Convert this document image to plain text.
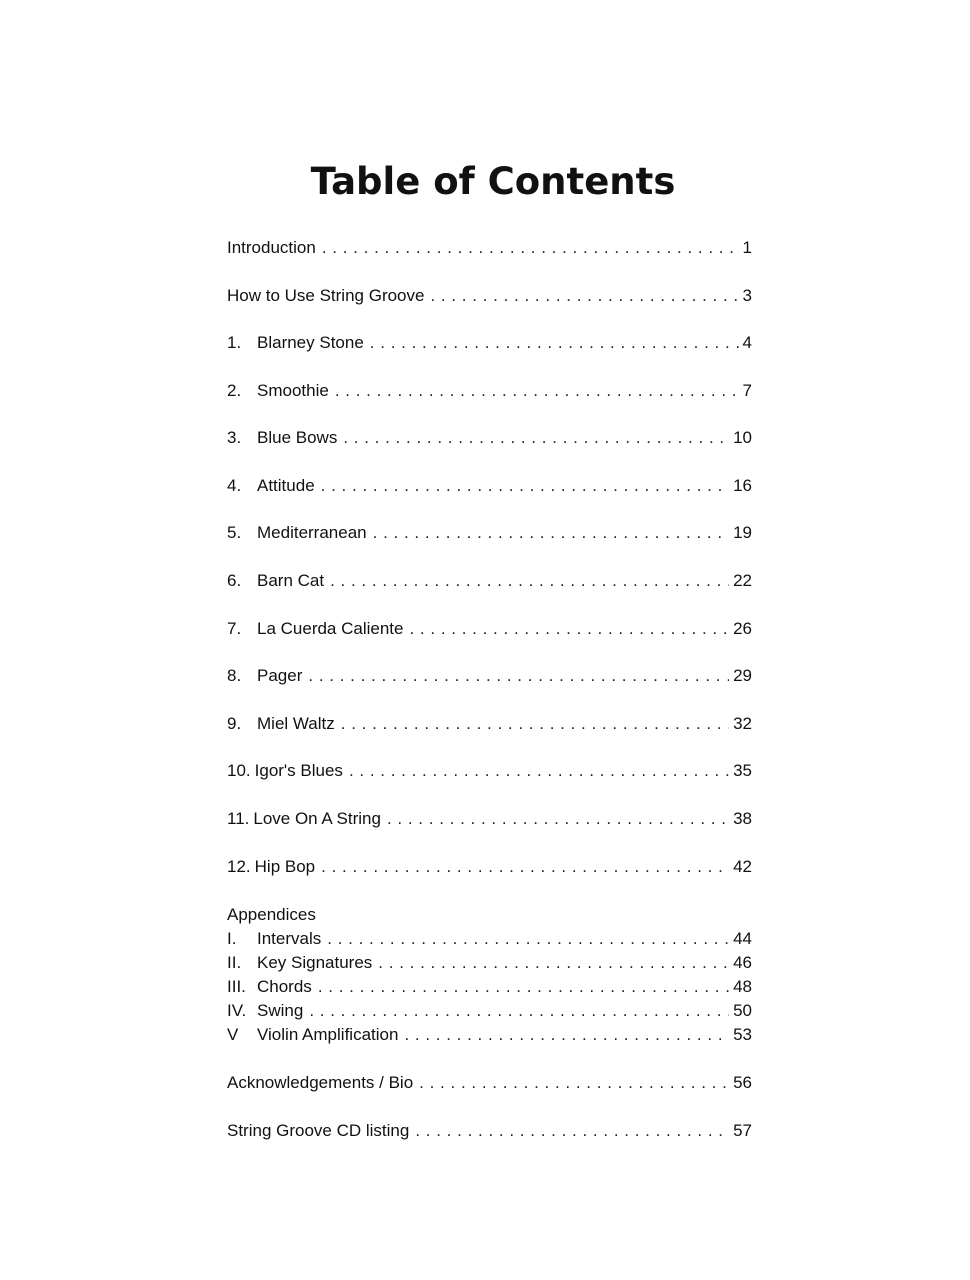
Table of Contents
Introduction . . .	1
How to Use String Groove . . .	3
1. Blarney Stone . . .	4
2. Smoothie . . .	7
3. Blue Bows . . .	10
4. Attitude . . .	16
5. Mediterranean . . .	19
6. Barn Cat . . .	22
7. La Cuerda Caliente . . .	26
8. Pager . . .	29
9. Miel Waltz . . .	32
10. Igor's Blues . . .	35
11. Love On A String . . .	38
12. Hip Bop . . .	42
Appendices
I.	Intervals . . .	44
II. Key Signatures . . .	46
III. Chords . . .	48
IV. Swing . . .	50
V	Violin Amplification . . .	53
Acknowledgements / Bio . . .	56
String Groove CD listing . . .	57
